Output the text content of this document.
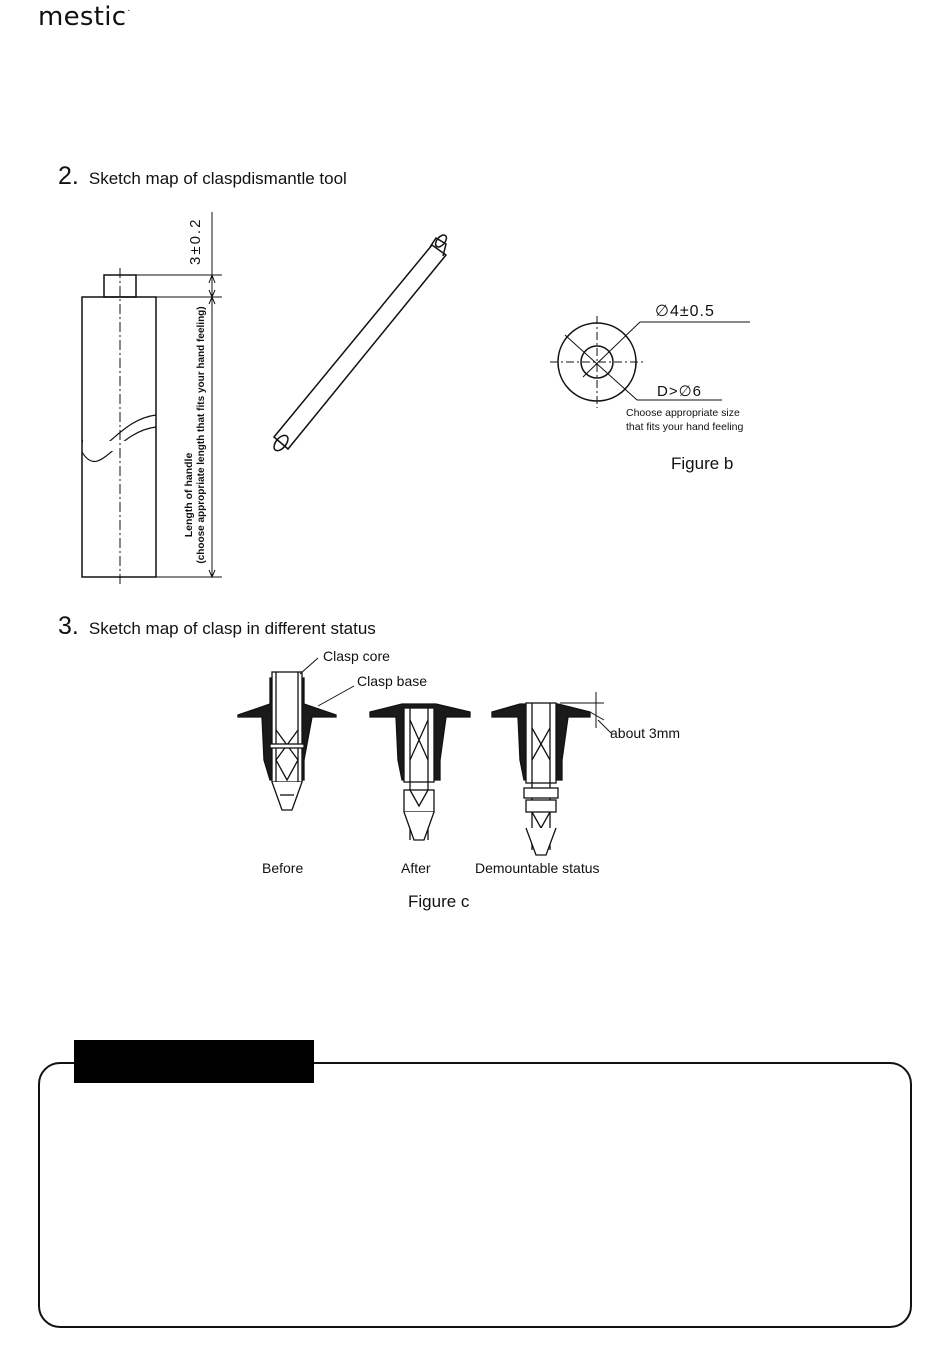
mestic.
2. Sketch map of claspdismantle tool
3±0.2
Length of handle (choose appropriate length that fits your hand feeling)	∅4±0.5
D>∅6
Choose appropriate size
that fits your hand feeling
Figure b
3. Sketch map of clasp in different status
Clasp core
Clasp base
about 3mm
Before	After	Demountable status
Figure c
